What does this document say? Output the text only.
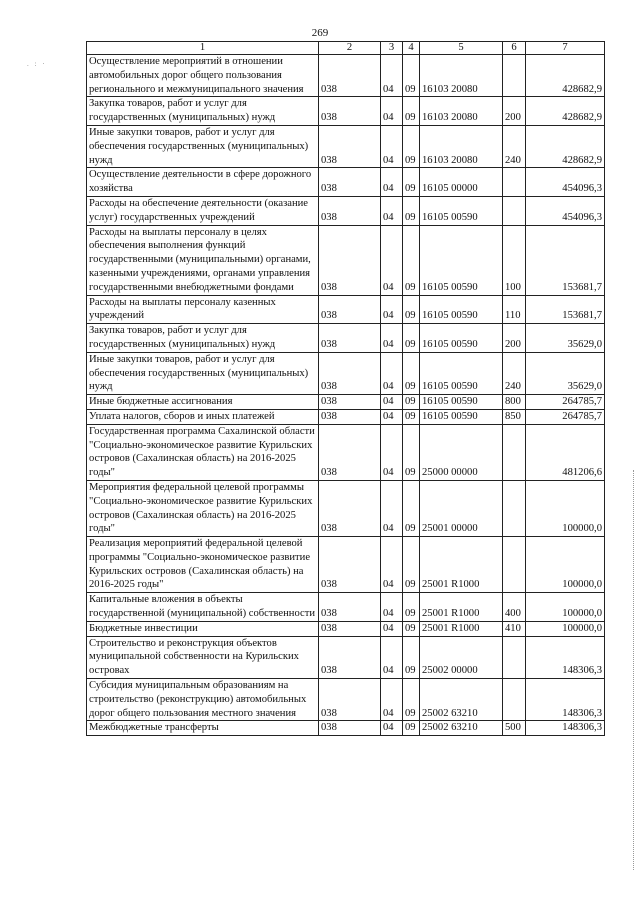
269
. : ·
1	2	3	4	5	6	7
Осуществление мероприятий в отношении автомобильных дорог общего пользования регионального и межмуниципального значения	038	04	09	16103 20080		428682,9
Закупка товаров, работ и услуг для государственных (муниципальных) нужд	038	04	09	16103 20080	200	428682,9
Иные закупки товаров, работ и услуг для обеспечения государственных (муниципальных) нужд	038	04	09	16103 20080	240	428682,9
Осуществление деятельности в сфере дорожного хозяйства	038	04	09	16105 00000		454096,3
Расходы на обеспечение деятельности (оказание услуг) государственных учреждений	038	04	09	16105 00590		454096,3
Расходы на выплаты персоналу в целях обеспечения выполнения функций государственными (муниципальными) органами, казенными учреждениями, органами управления государственными внебюджетными фондами	038	04	09	16105 00590	100	153681,7
Расходы на выплаты персоналу казенных учреждений	038	04	09	16105 00590	110	153681,7
Закупка товаров, работ и услуг для государственных (муниципальных) нужд	038	04	09	16105 00590	200	35629,0
Иные закупки товаров, работ и услуг для обеспечения государственных (муниципальных) нужд	038	04	09	16105 00590	240	35629,0
Иные бюджетные ассигнования	038	04	09	16105 00590	800	264785,7
Уплата налогов, сборов и иных платежей	038	04	09	16105 00590	850	264785,7
Государственная программа Сахалинской области "Социально-экономическое развитие Курильских островов (Сахалинская область) на 2016-2025 годы"	038	04	09	25000 00000		481206,6
Мероприятия федеральной целевой программы "Социально-экономическое развитие Курильских островов (Сахалинская область) на 2016-2025 годы"	038	04	09	25001 00000		100000,0
Реализация мероприятий федеральной целевой программы "Социально-экономическое развитие Курильских островов (Сахалинская область) на 2016-2025 годы"	038	04	09	25001 R1000		100000,0
Капитальные вложения в объекты государственной (муниципальной) собственности	038	04	09	25001 R1000	400	100000,0
Бюджетные инвестиции	038	04	09	25001 R1000	410	100000,0
Строительство и реконструкция объектов муниципальной собственности на Курильских островах	038	04	09	25002 00000		148306,3
Субсидия муниципальным образованиям на строительство (реконструкцию) автомобильных дорог общего пользования местного значения	038	04	09	25002 63210		148306,3
Межбюджетные трансферты	038	04	09	25002 63210	500	148306,3
